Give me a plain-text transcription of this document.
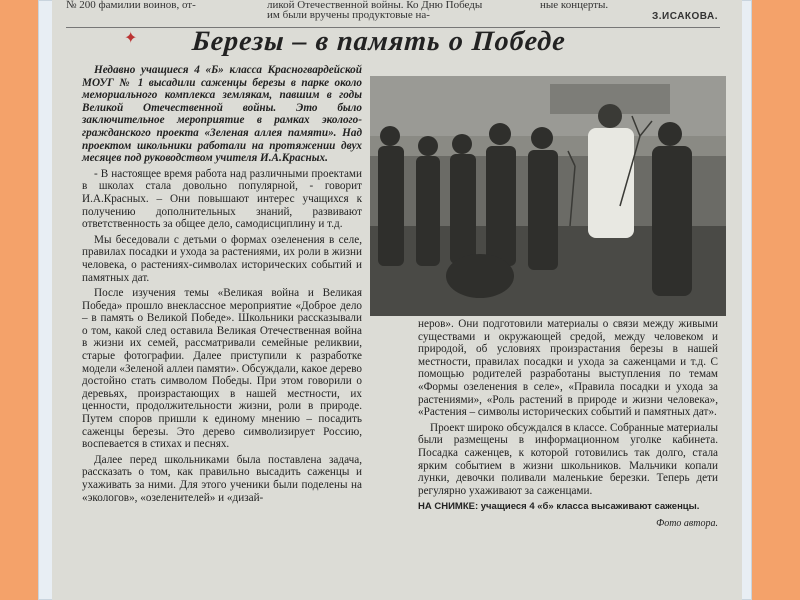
№ 200 фамилии воинов, от-	ликой Отечественной войны. Ко Дню Победы им были вручены продуктовые на-
ные концерты.
З.ИСАКОВА.
✦ Березы – в память о Победе

Недавно учащиеся 4 «Б» класса Красногвардейской МОУГ № 1 высадили саженцы березы в парке около мемориального комплекса землякам, павшим в годы Великой Отечественной войны. Это было заключительное мероприятие в рамках эколого-гражданского проекта «Зеленая аллея памяти». Над проектом школьники работали на протяжении двух месяцев под руководством учителя И.А.Красных.

- В настоящее время работа над различными проектами в школах стала довольно популярной, - говорит И.А.Красных. – Они повышают интерес учащихся к получению дополнительных знаний, развивают ответственность за общее дело, самодисциплину и т.д.

Мы беседовали с детьми о формах озеленения в селе, правилах посадки и ухода за растениями, их роли в жизни человека, о растениях-символах исторических событий и памятных дат.

После изучения темы «Великая война и Великая Победа» прошло внеклассное мероприятие «Доброе дело – в память о Великой Победе». Школьники рассказывали о том, какой след оставила Великая Отечественная война в жизни их семей, рассматривали семейные реликвии, старые фотографии. Далее приступили к разработке модели «Зеленой аллеи памяти». Обсуждали, какое дерево достойно стать символом Победы. При этом говорили о деревьях, произрастающих в нашей местности, их ценности, продолжительности жизни, роли в природе. Путем споров пришли к единому мнению – посадить саженцы березы. Это дерево символизирует Россию, воспевается в стихах и песнях.

Далее перед школьниками была поставлена задача, рассказать о том, как правильно высадить саженцы и ухаживать за ними. Для этого ученики были поделены на «экологов», «озеленителей» и «дизай-

неров». Они подготовили материалы о связи между живыми существами и окружающей средой, между человеком и природой, об условиях произрастания березы в нашей местности, правилах посадки и ухода за саженцами и т.д. С помощью родителей разработаны выступления по темам «Формы озеленения в селе», «Правила посадки и ухода за растениями», «Роль растений в природе и жизни человека», «Растения – символы исторических событий и памятных дат».

Проект широко обсуждался в классе. Собранные материалы были размещены в информационном уголке кабинета. Посадка саженцев, к которой готовились так долго, стала ярким событием в жизни школьников. Мальчики копали лунки, девочки поливали маленькие березки. Теперь дети регулярно ухаживают за саженцами.

НА СНИМКЕ: учащиеся 4 «б» класса высаживают саженцы.
Фото автора.
